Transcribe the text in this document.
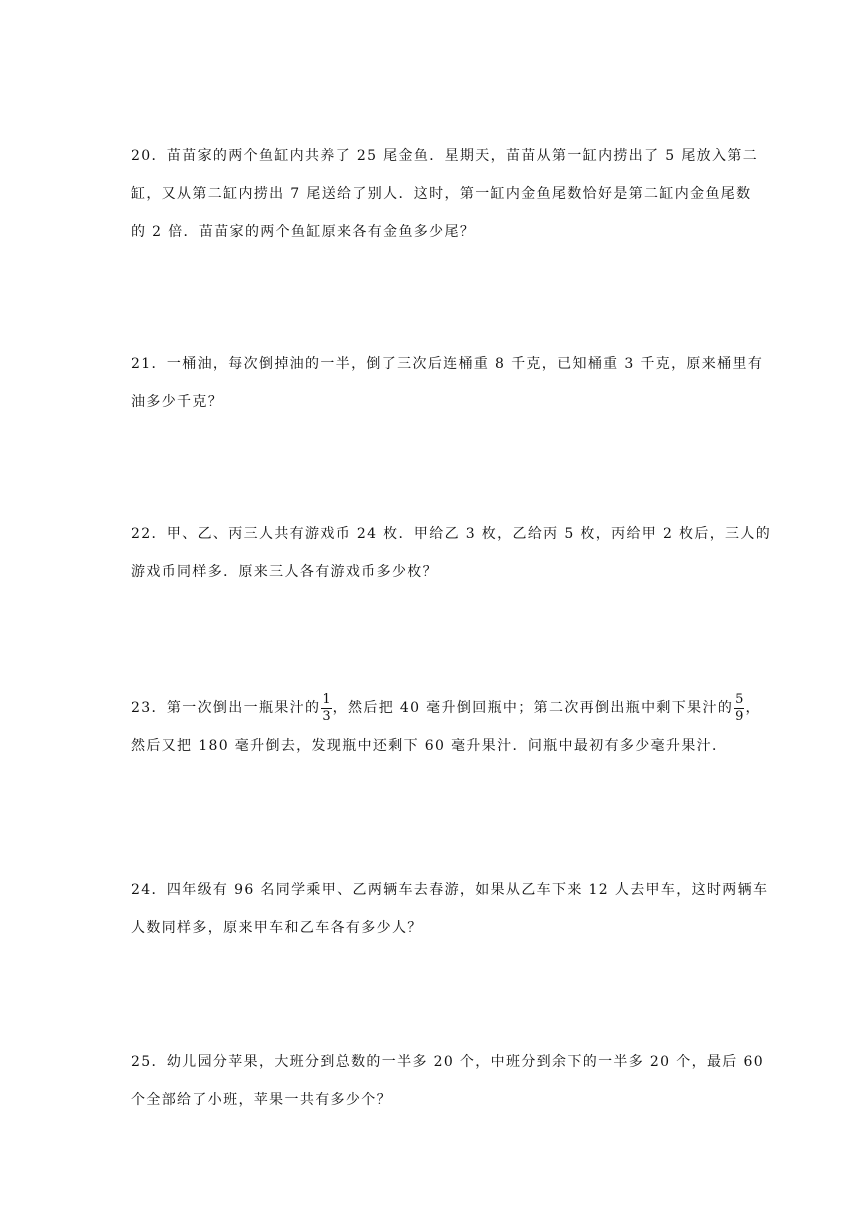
20．苗苗家的两个鱼缸内共养了 25 尾金鱼．星期天，苗苗从第一缸内捞出了 5 尾放入第二
缸，又从第二缸内捞出 7 尾送给了别人．这时，第一缸内金鱼尾数恰好是第二缸内金鱼尾数
的 2 倍．苗苗家的两个鱼缸原来各有金鱼多少尾？
21．一桶油，每次倒掉油的一半，倒了三次后连桶重 8 千克，已知桶重 3 千克，原来桶里有
油多少千克？
22．甲、乙、丙三人共有游戏币 24 枚．甲给乙 3 枚，乙给丙 5 枚，丙给甲 2 枚后，三人的
游戏币同样多．原来三人各有游戏币多少枚？
23．第一次倒出一瓶果汁的 $\frac{1}{3}$ ，然后把 40 毫升倒回瓶中；第二次再倒出瓶中剩下果汁的 $\frac{5}{9}$ ，
然后又把 180 毫升倒去，发现瓶中还剩下 60 毫升果汁．问瓶中最初有多少毫升果汁．
24．四年级有 96 名同学乘甲、乙两辆车去春游，如果从乙车下来 12 人去甲车，这时两辆车
人数同样多，原来甲车和乙车各有多少人？
25．幼儿园分苹果，大班分到总数的一半多 20 个，中班分到余下的一半多 20 个，最后 60
个全部给了小班，苹果一共有多少个？
